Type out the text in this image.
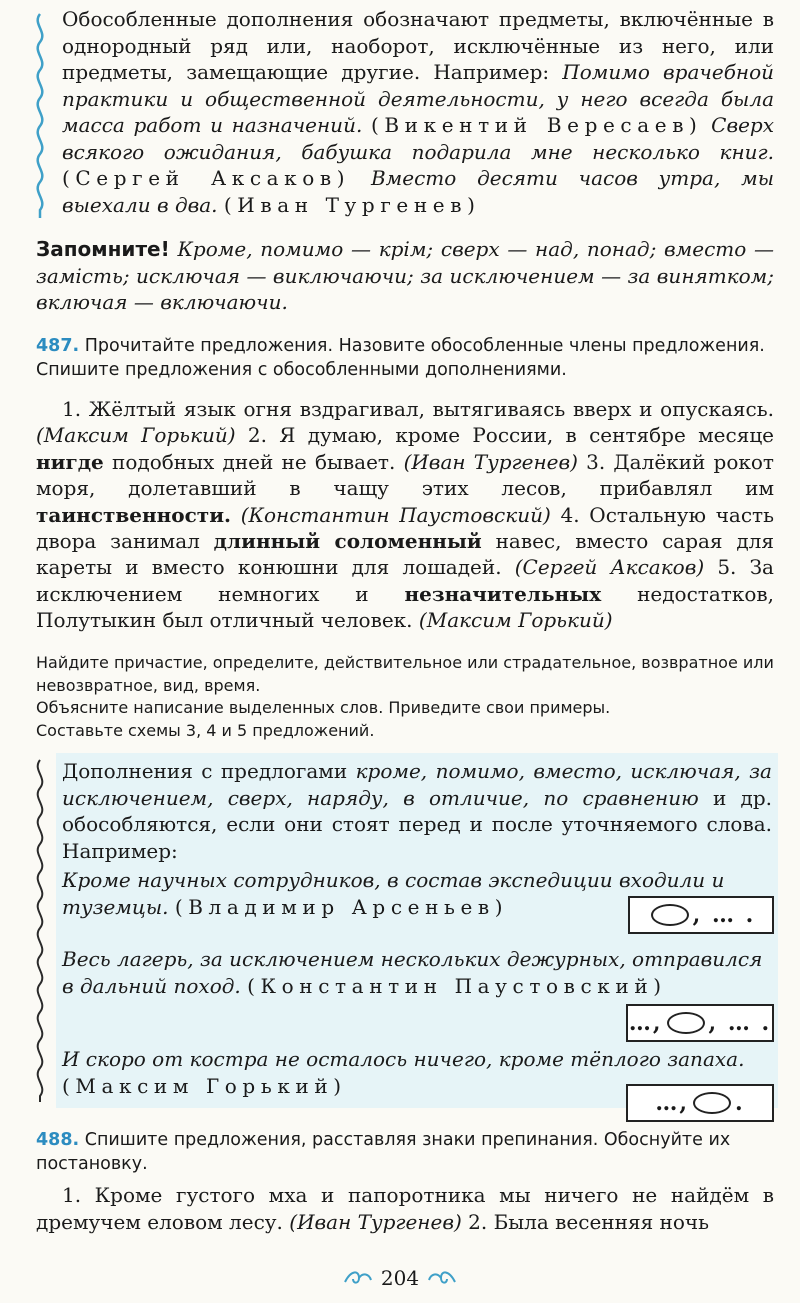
Обособленные дополнения обозначают предметы, включённые в однородный ряд или, наоборот, исключённые из него, или предметы, замещающие другие. Например: Помимо врачебной практики и общественной деятельности, у него всегда была масса работ и назначений. (Викентий Вересаев) Сверх всякого ожидания, бабушка подарила мне несколько книг. (Сергей Аксаков) Вместо десяти часов утра, мы выехали в два. (Иван Тургенев)

Запомните! Кроме, помимо — крім; сверх — над, понад; вместо — замість; исключая — виключаючи; за исключением — за винятком; включая — включаючи.

487. Прочитайте предложения. Назовите обособленные члены предложения. Спишите предложения с обособленными дополнениями.

1. Жёлтый язык огня вздрагивал, вытягиваясь вверх и опускаясь. (Максим Горький) 2. Я думаю, кроме России, в сентябре месяце нигде подобных дней не бывает. (Иван Тургенев) 3. Далёкий рокот моря, долетавший в чащу этих лесов, прибавлял им таинственности. (Константин Паустовский) 4. Остальную часть двора занимал длинный соломенный навес, вместо сарая для кареты и вместо конюшни для лошадей. (Сергей Аксаков) 5. За исключением немногих и незначительных недостатков, Полутыкин был отличный человек. (Максим Горький)

Найдите причастие, определите, действительное или страдательное, возвратное или невозвратное, вид, время.

Объясните написание выделенных слов. Приведите свои примеры.

Составьте схемы 3, 4 и 5 предложений.

Дополнения с предлогами кроме, помимо, вместо, исключая, за исключением, сверх, наряду, в отличие, по сравнению и др. обособляются, если они стоят перед и после уточняемого слова. Например:

Кроме научных сотрудников, в состав экспедиции входили и туземцы. (Владимир Арсеньев)	, … .
Весь лагерь, за исключением нескольких дежурных, отправился в дальний поход. (Константин Паустовский)
…, , … .
И скоро от костра не осталось ничего, кроме тёплого запаха. (Максим Горький)
…, .

488. Спишите предложения, расставляя знаки препинания. Обоснуйте их постановку.

1. Кроме густого мха и папоротника мы ничего не найдём в дремучем еловом лесу. (Иван Тургенев) 2. Была весенняя ночь

204
